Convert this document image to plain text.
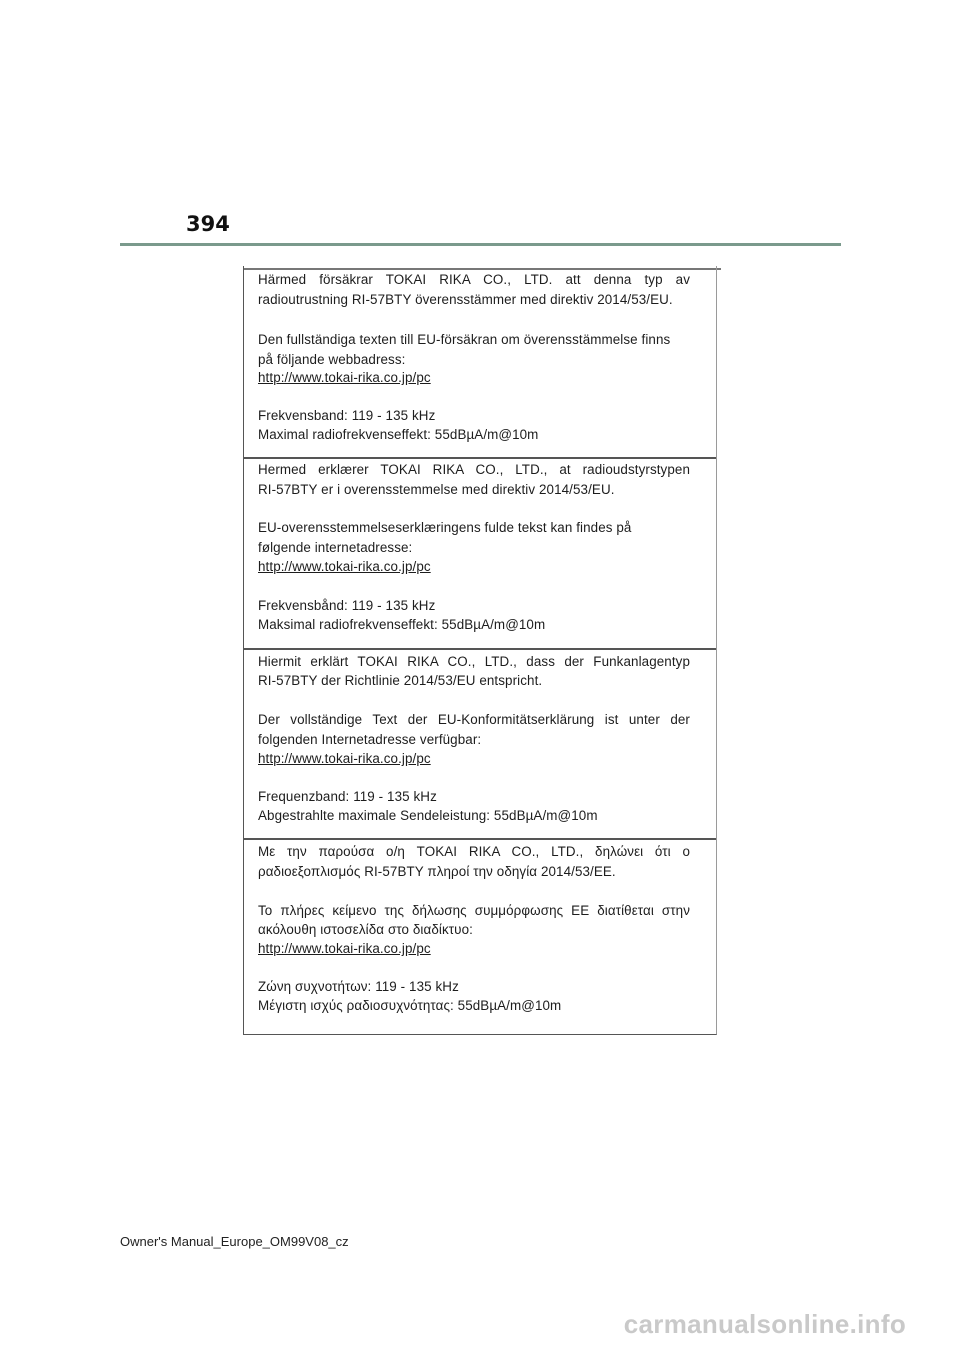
394
Härmed försäkrar TOKAI RIKA CO., LTD. att denna typ av
radioutrustning RI-57BTY överensstämmer med direktiv 2014/53/EU.
Den fullständiga texten till EU-försäkran om överensstämmelse finns
på följande webbadress:
http://www.tokai-rika.co.jp/pc
Frekvensband: 119 - 135 kHz
Maximal radiofrekvenseffekt: 55dBµA/m@10m
Hermed erklærer TOKAI RIKA CO., LTD., at radioudstyrstypen
RI-57BTY er i overensstemmelse med direktiv 2014/53/EU.
EU-overensstemmelseserklæringens fulde tekst kan findes på
følgende internetadresse:
http://www.tokai-rika.co.jp/pc
Frekvensbånd: 119 - 135 kHz
Maksimal radiofrekvenseffekt: 55dBµA/m@10m
Hiermit erklärt TOKAI RIKA CO., LTD., dass der Funkanlagentyp
RI-57BTY der Richtlinie 2014/53/EU entspricht.
Der vollständige Text der EU-Konformitätserklärung ist unter der
folgenden Internetadresse verfügbar:
http://www.tokai-rika.co.jp/pc
Frequenzband: 119 - 135 kHz
Abgestrahlte maximale Sendeleistung: 55dBµA/m@10m
Με την παρούσα ο/η TOKAI RIKA CO., LTD., δηλώνει ότι ο
ραδιοεξοπλισμός RI-57BTY πληροί την οδηγία 2014/53/ΕΕ.
Το πλήρες κείμενο της δήλωσης συμμόρφωσης ΕΕ διατίθεται στην
ακόλουθη ιστοσελίδα στο διαδίκτυο:
http://www.tokai-rika.co.jp/pc
Ζώνη συχνοτήτων: 119 - 135 kHz
Μέγιστη ισχύς ραδιοσυχνότητας: 55dBµA/m@10m
Owner's Manual_Europe_OM99V08_cz
carmanualsonline.info
